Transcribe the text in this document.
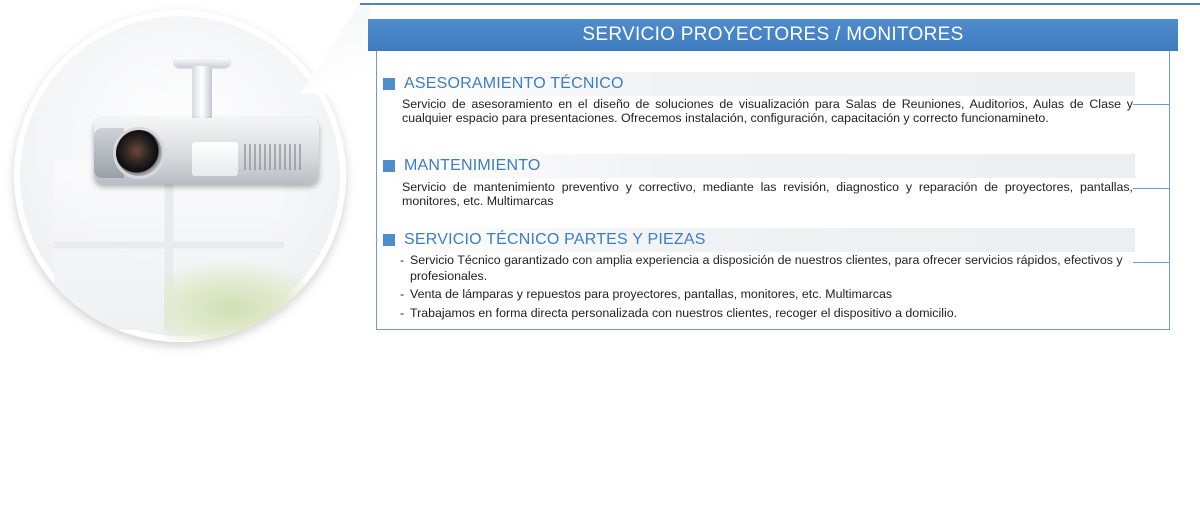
SERVICIO PROYECTORES / MONITORES
ASESORAMIENTO TÉCNICO

Servicio de asesoramiento en el diseño de soluciones de visualización para Salas de Reuniones, Auditorios, Aulas de Clase y cualquier espacio para presentaciones. Ofrecemos instalación, configuración, capacitación y correcto funcionamineto.

MANTENIMIENTO

Servicio de mantenimiento preventivo y correctivo, mediante las revisión, diagnostico y reparación de proyectores, pantallas, monitores, etc. Multimarcas

SERVICIO TÉCNICO PARTES Y PIEZAS
- Servicio Técnico garantizado con amplia experiencia a disposición de nuestros clientes, para ofrecer servicios rápidos, efectivos y profesionales.
- Venta de lámparas y repuestos para proyectores, pantallas, monitores, etc. Multimarcas
- Trabajamos en forma directa personalizada con nuestros clientes, recoger el dispositivo a domicilio.
